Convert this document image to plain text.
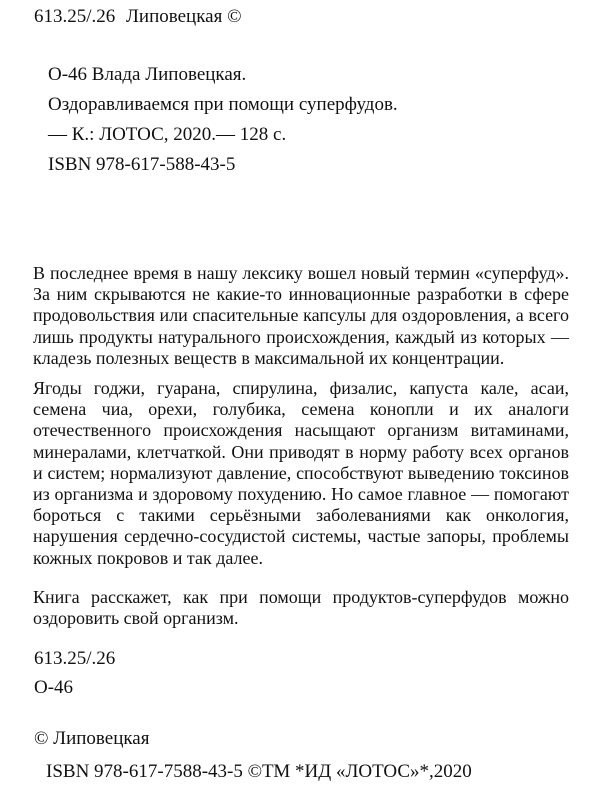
613.25/.26 Липовецкая ©
О-46 Влада Липовецкая.
Оздоравливаемся при помощи суперфудов.
— К.: ЛОТОС, 2020.— 128 с.
ISBN 978-617-588-43-5
В последнее время в нашу лексику вошел новый термин «суперфуд». За ним скрываются не какие-то инновационные разработки в сфере продовольствия или спасительные капсулы для оздоровления, а всего лишь продукты натурального происхождения, каждый из которых — кладезь полезных веществ в максимальной их концентрации.
Ягоды годжи, гуарана, спирулина, физалис, капуста кале, асаи, семена чиа, орехи, голубика, семена конопли и их аналоги отечественного происхождения насыщают организм витаминами, минералами, клетчаткой. Они приводят в норму работу всех органов и систем; нормализуют давление, способствуют выведению токсинов из организма и здоровому похудению. Но самое главное — помогают бороться с такими серьёзными заболеваниями как онкология, нарушения сердечно-сосудистой системы, частые запоры, проблемы кожных покровов и так далее.
Книга расскажет, как при помощи продуктов-суперфудов можно оздоровить свой организм.
613.25/.26
О-46
© Липовецкая
ISBN 978-617-7588-43-5 ©ТМ *ИД «ЛОТОС»*,2020
